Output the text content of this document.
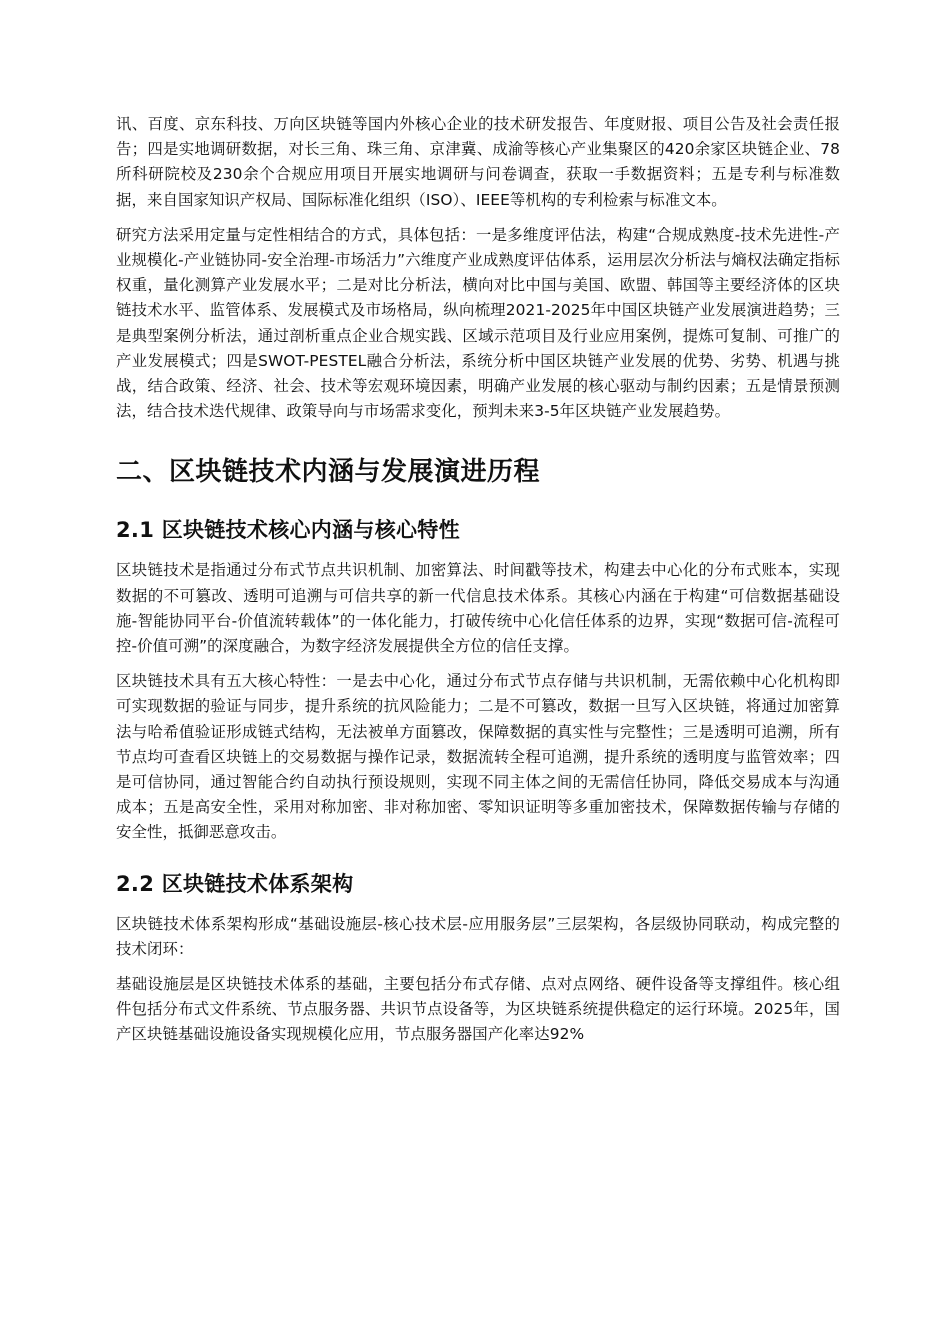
讯、百度、京东科技、万向区块链等国内外核心企业的技术研发报告、年度财报、项目公告及社会责任报告；四是实地调研数据，对长三角、珠三角、京津冀、成渝等核心产业集聚区的420余家区块链企业、78所科研院校及230余个合规应用项目开展实地调研与问卷调查，获取一手数据资料；五是专利与标准数据，来自国家知识产权局、国际标准化组织（ISO）、IEEE等机构的专利检索与标准文本。

研究方法采用定量与定性相结合的方式，具体包括：一是多维度评估法，构建“合规成熟度-技术先进性-产业规模化-产业链协同-安全治理-市场活力”六维度产业成熟度评估体系，运用层次分析法与熵权法确定指标权重，量化测算产业发展水平；二是对比分析法，横向对比中国与美国、欧盟、韩国等主要经济体的区块链技术水平、监管体系、发展模式及市场格局，纵向梳理2021-2025年中国区块链产业发展演进趋势；三是典型案例分析法，通过剖析重点企业合规实践、区域示范项目及行业应用案例，提炼可复制、可推广的产业发展模式；四是SWOT-PESTEL融合分析法，系统分析中国区块链产业发展的优势、劣势、机遇与挑战，结合政策、经济、社会、技术等宏观环境因素，明确产业发展的核心驱动与制约因素；五是情景预测法，结合技术迭代规律、政策导向与市场需求变化，预判未来3-5年区块链产业发展趋势。

二、区块链技术内涵与发展演进历程
2.1 区块链技术核心内涵与核心特性

区块链技术是指通过分布式节点共识机制、加密算法、时间戳等技术，构建去中心化的分布式账本，实现数据的不可篡改、透明可追溯与可信共享的新一代信息技术体系。其核心内涵在于构建“可信数据基础设施-智能协同平台-价值流转载体”的一体化能力，打破传统中心化信任体系的边界，实现“数据可信-流程可控-价值可溯”的深度融合，为数字经济发展提供全方位的信任支撑。

区块链技术具有五大核心特性：一是去中心化，通过分布式节点存储与共识机制，无需依赖中心化机构即可实现数据的验证与同步，提升系统的抗风险能力；二是不可篡改，数据一旦写入区块链，将通过加密算法与哈希值验证形成链式结构，无法被单方面篡改，保障数据的真实性与完整性；三是透明可追溯，所有节点均可查看区块链上的交易数据与操作记录，数据流转全程可追溯，提升系统的透明度与监管效率；四是可信协同，通过智能合约自动执行预设规则，实现不同主体之间的无需信任协同，降低交易成本与沟通成本；五是高安全性，采用对称加密、非对称加密、零知识证明等多重加密技术，保障数据传输与存储的安全性，抵御恶意攻击。

2.2 区块链技术体系架构

区块链技术体系架构形成“基础设施层-核心技术层-应用服务层”三层架构，各层级协同联动，构成完整的技术闭环：

基础设施层是区块链技术体系的基础，主要包括分布式存储、点对点网络、硬件设备等支撑组件。核心组件包括分布式文件系统、节点服务器、共识节点设备等，为区块链系统提供稳定的运行环境。2025年，国产区块链基础设施设备实现规模化应用，节点服务器国产化率达92%
